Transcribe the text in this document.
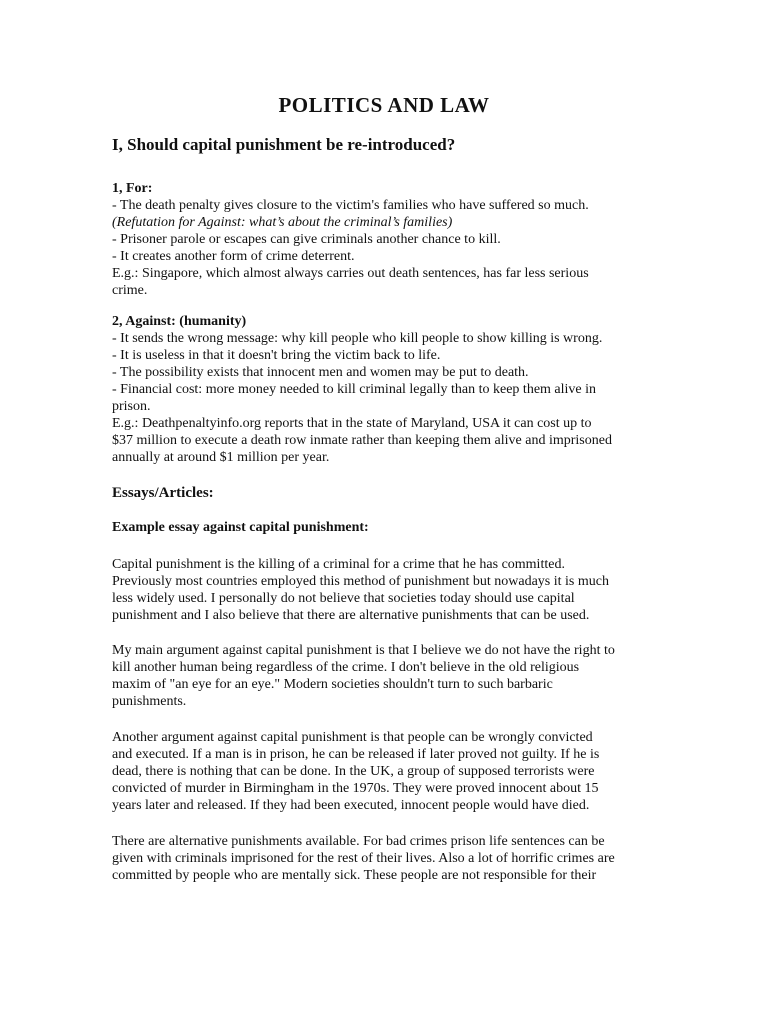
POLITICS AND LAW
I, Should capital punishment be re-introduced?
1, For:
- The death penalty gives closure to the victim's families who have suffered so much.
(Refutation for Against: what’s about the criminal’s families)
- Prisoner parole or escapes can give criminals another chance to kill.
- It creates another form of crime deterrent.
E.g.: Singapore, which almost always carries out death sentences, has far less serious
crime.
2, Against: (humanity)
- It sends the wrong message: why kill people who kill people to show killing is wrong.
- It is useless in that it doesn't bring the victim back to life.
- The possibility exists that innocent men and women may be put to death.
- Financial cost: more money needed to kill criminal legally than to keep them alive in
prison.
E.g.: Deathpenaltyinfo.org reports that in the state of Maryland, USA it can cost up to
$37 million to execute a death row inmate rather than keeping them alive and imprisoned
annually at around $1 million per year.
Essays/Articles:
Example essay against capital punishment:
Capital punishment is the killing of a criminal for a crime that he has committed.
Previously most countries employed this method of punishment but nowadays it is much
less widely used. I personally do not believe that societies today should use capital
punishment and I also believe that there are alternative punishments that can be used.
My main argument against capital punishment is that I believe we do not have the right to
kill another human being regardless of the crime. I don't believe in the old religious
maxim of "an eye for an eye." Modern societies shouldn't turn to such barbaric
punishments.
Another argument against capital punishment is that people can be wrongly convicted
and executed. If a man is in prison, he can be released if later proved not guilty. If he is
dead, there is nothing that can be done. In the UK, a group of supposed terrorists were
convicted of murder in Birmingham in the 1970s. They were proved innocent about 15
years later and released. If they had been executed, innocent people would have died.
There are alternative punishments available. For bad crimes prison life sentences can be
given with criminals imprisoned for the rest of their lives. Also a lot of horrific crimes are
committed by people who are mentally sick. These people are not responsible for their
